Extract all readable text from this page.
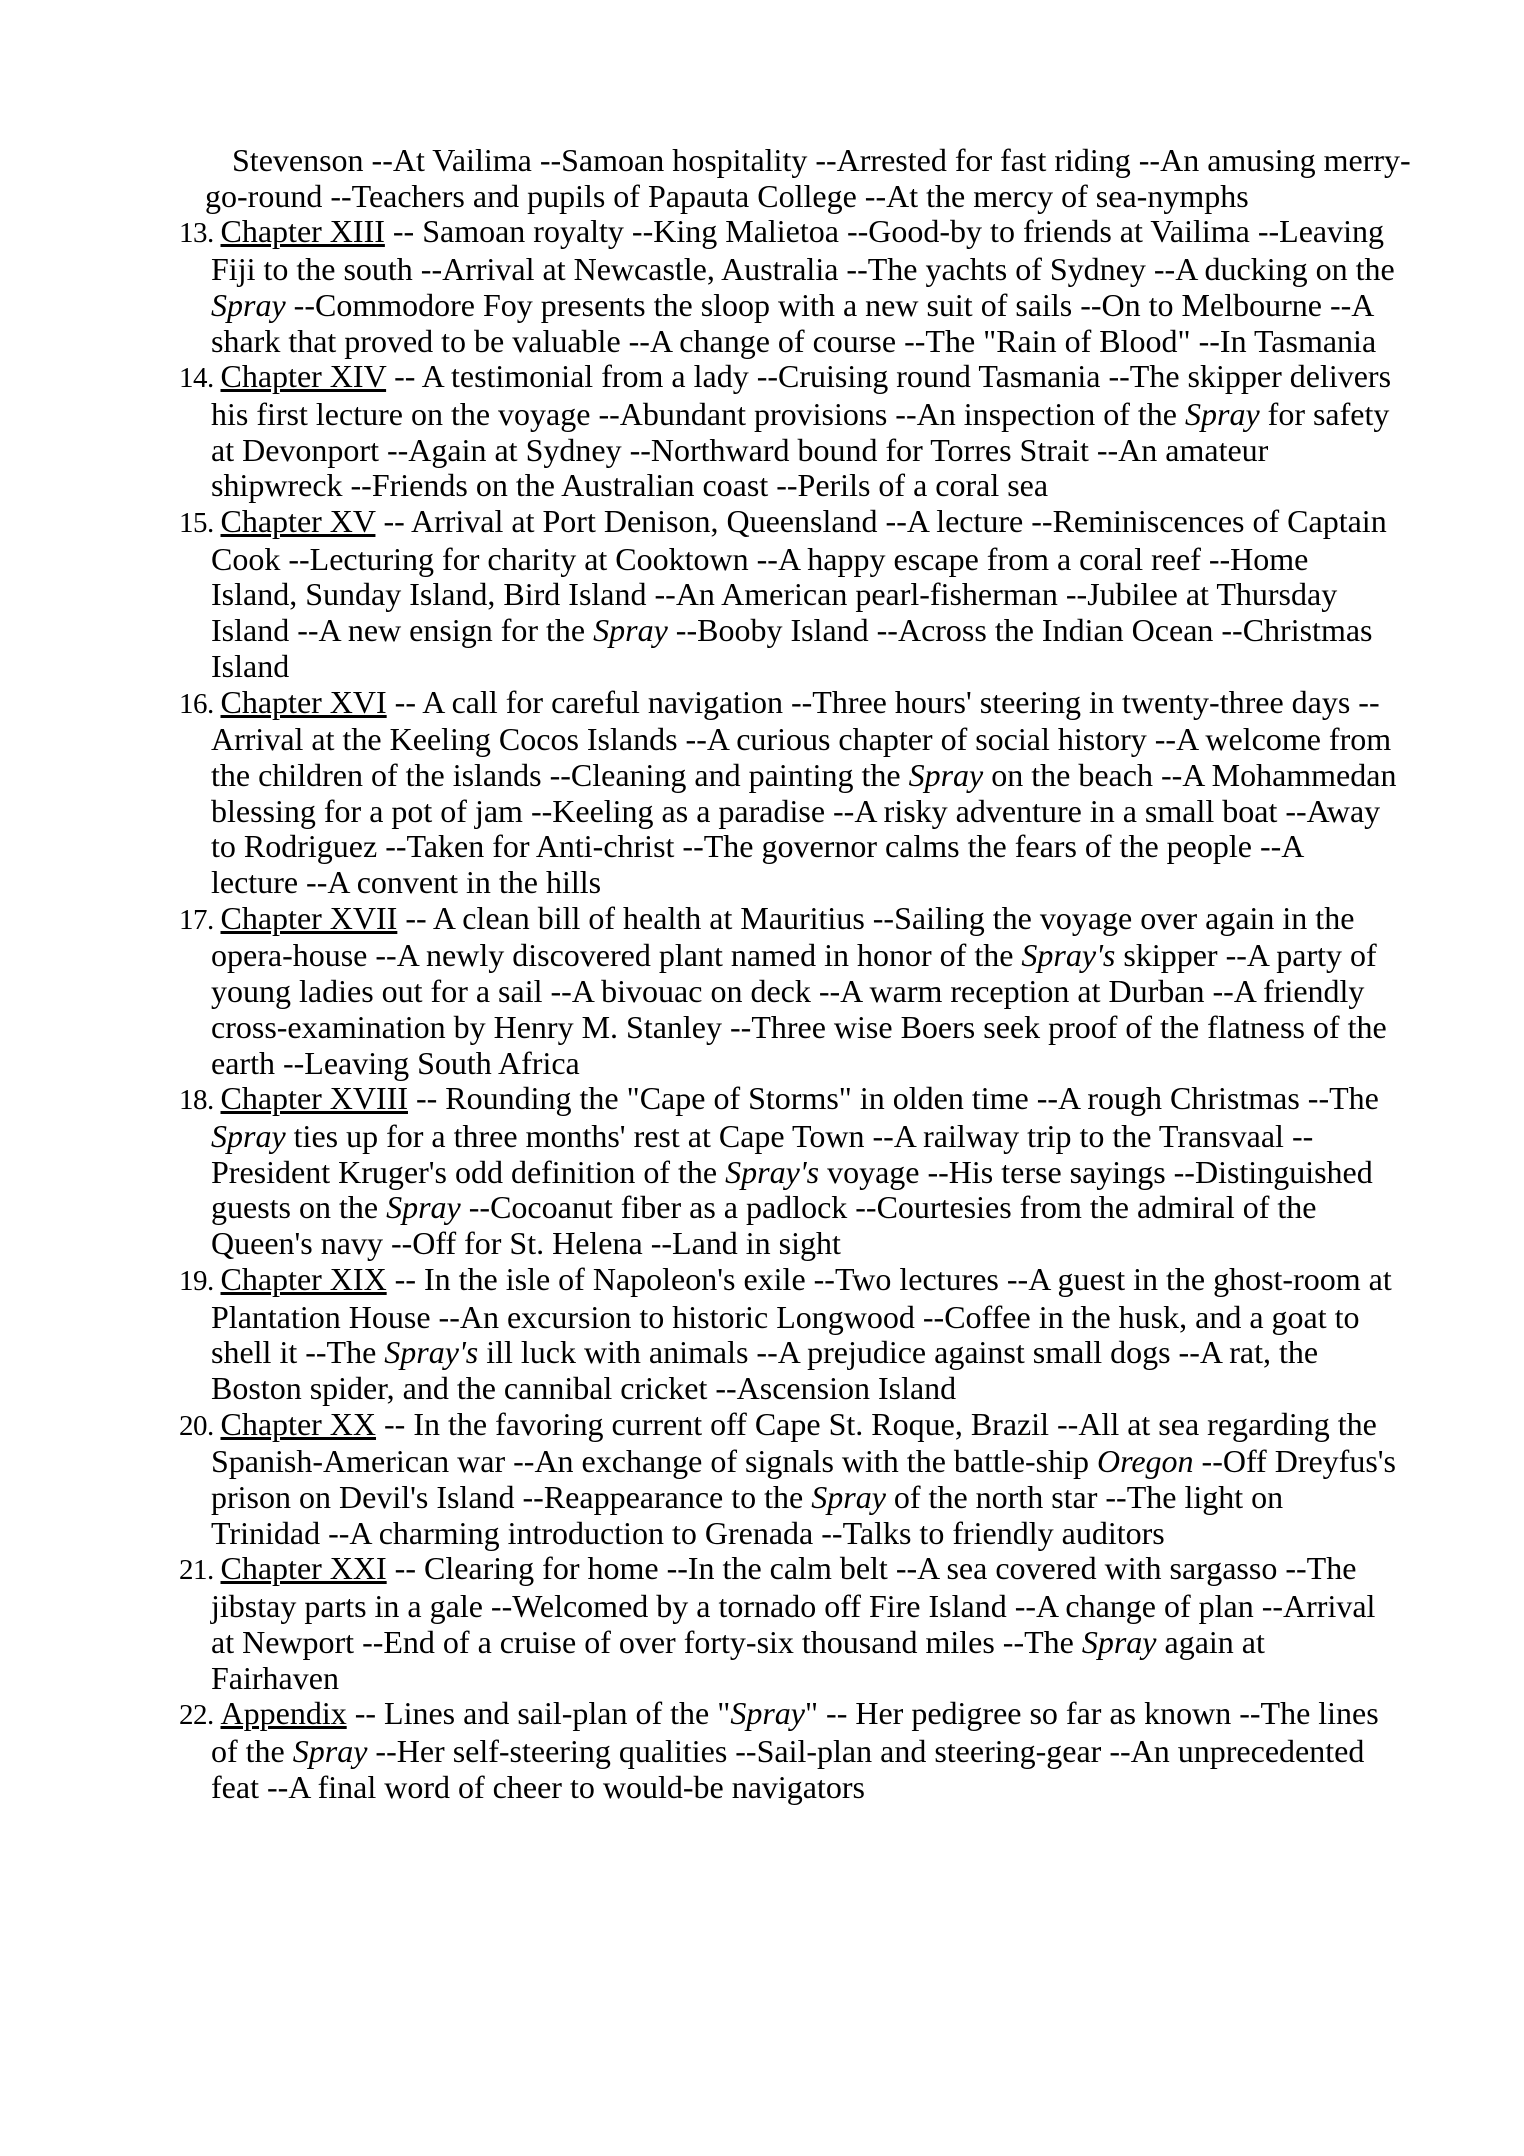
Stevenson --At Vailima --Samoan hospitality --Arrested for fast riding --An amusing merry-
go-round --Teachers and pupils of Papauta College --At the mercy of sea-nymphs
13. Chapter XIII -- Samoan royalty --King Malietoa --Good-by to friends at Vailima --Leaving
Fiji to the south --Arrival at Newcastle, Australia --The yachts of Sydney --A ducking on the
Spray --Commodore Foy presents the sloop with a new suit of sails --On to Melbourne --A
shark that proved to be valuable --A change of course --The "Rain of Blood" --In Tasmania
14. Chapter XIV -- A testimonial from a lady --Cruising round Tasmania --The skipper delivers
his first lecture on the voyage --Abundant provisions --An inspection of the Spray for safety
at Devonport --Again at Sydney --Northward bound for Torres Strait --An amateur
shipwreck --Friends on the Australian coast --Perils of a coral sea
15. Chapter XV -- Arrival at Port Denison, Queensland --A lecture --Reminiscences of Captain
Cook --Lecturing for charity at Cooktown --A happy escape from a coral reef --Home
Island, Sunday Island, Bird Island --An American pearl-fisherman --Jubilee at Thursday
Island --A new ensign for the Spray --Booby Island --Across the Indian Ocean --Christmas
Island
16. Chapter XVI -- A call for careful navigation --Three hours' steering in twenty-three days --
Arrival at the Keeling Cocos Islands --A curious chapter of social history --A welcome from
the children of the islands --Cleaning and painting the Spray on the beach --A Mohammedan
blessing for a pot of jam --Keeling as a paradise --A risky adventure in a small boat --Away
to Rodriguez --Taken for Anti-christ --The governor calms the fears of the people --A
lecture --A convent in the hills
17. Chapter XVII -- A clean bill of health at Mauritius --Sailing the voyage over again in the
opera-house --A newly discovered plant named in honor of the Spray's skipper --A party of
young ladies out for a sail --A bivouac on deck --A warm reception at Durban --A friendly
cross-examination by Henry M. Stanley --Three wise Boers seek proof of the flatness of the
earth --Leaving South Africa
18. Chapter XVIII -- Rounding the "Cape of Storms" in olden time --A rough Christmas --The
Spray ties up for a three months' rest at Cape Town --A railway trip to the Transvaal --
President Kruger's odd definition of the Spray's voyage --His terse sayings --Distinguished
guests on the Spray --Cocoanut fiber as a padlock --Courtesies from the admiral of the
Queen's navy --Off for St. Helena --Land in sight
19. Chapter XIX -- In the isle of Napoleon's exile --Two lectures --A guest in the ghost-room at
Plantation House --An excursion to historic Longwood --Coffee in the husk, and a goat to
shell it --The Spray's ill luck with animals --A prejudice against small dogs --A rat, the
Boston spider, and the cannibal cricket --Ascension Island
20. Chapter XX -- In the favoring current off Cape St. Roque, Brazil --All at sea regarding the
Spanish-American war --An exchange of signals with the battle-ship Oregon --Off Dreyfus's
prison on Devil's Island --Reappearance to the Spray of the north star --The light on
Trinidad --A charming introduction to Grenada --Talks to friendly auditors
21. Chapter XXI -- Clearing for home --In the calm belt --A sea covered with sargasso --The
jibstay parts in a gale --Welcomed by a tornado off Fire Island --A change of plan --Arrival
at Newport --End of a cruise of over forty-six thousand miles --The Spray again at
Fairhaven
22. Appendix -- Lines and sail-plan of the "Spray" -- Her pedigree so far as known --The lines
of the Spray --Her self-steering qualities --Sail-plan and steering-gear --An unprecedented
feat --A final word of cheer to would-be navigators
